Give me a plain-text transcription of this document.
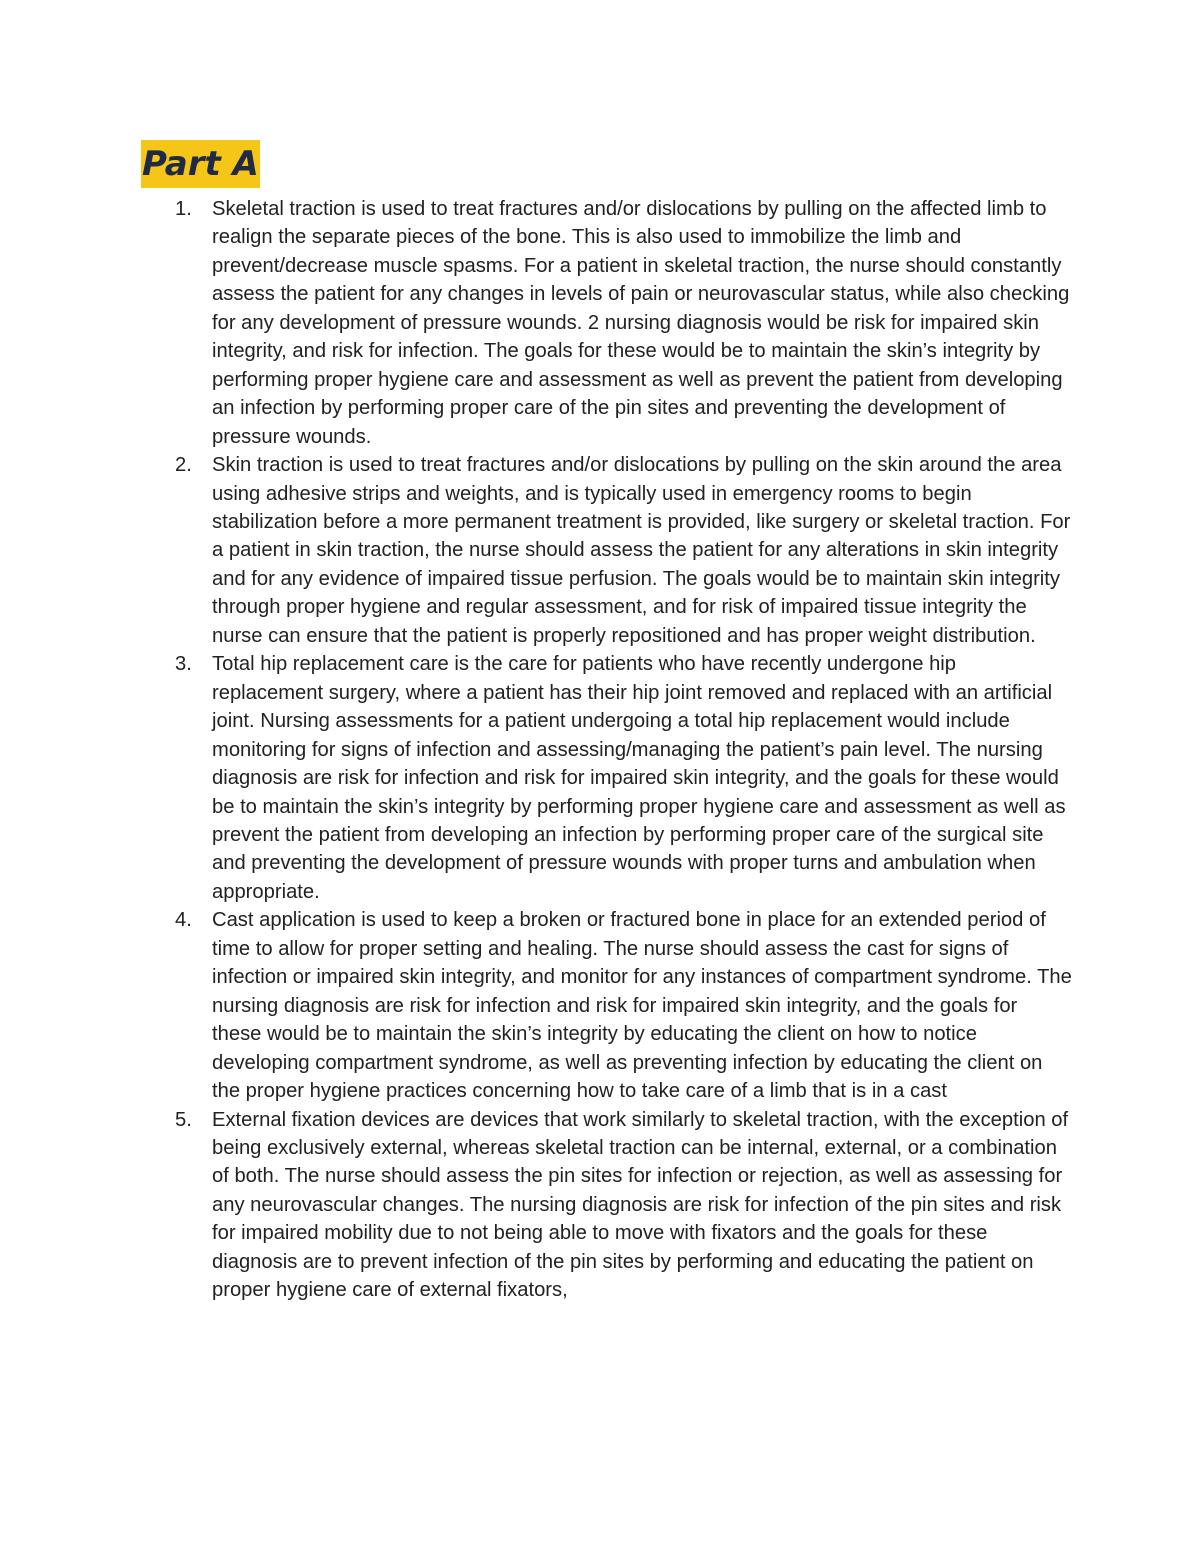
Part A
1. Skeletal traction is used to treat fractures and/or dislocations by pulling on the affected limb to realign the separate pieces of the bone. This is also used to immobilize the limb and prevent/decrease muscle spasms. For a patient in skeletal traction, the nurse should constantly assess the patient for any changes in levels of pain or neurovascular status, while also checking for any development of pressure wounds. 2 nursing diagnosis would be risk for impaired skin integrity, and risk for infection. The goals for these would be to maintain the skin’s integrity by performing proper hygiene care and assessment as well as prevent the patient from developing an infection by performing proper care of the pin sites and preventing the development of pressure wounds.
2. Skin traction is used to treat fractures and/or dislocations by pulling on the skin around the area using adhesive strips and weights, and is typically used in emergency rooms to begin stabilization before a more permanent treatment is provided, like surgery or skeletal traction. For a patient in skin traction, the nurse should assess the patient for any alterations in skin integrity and for any evidence of impaired tissue perfusion. The goals would be to maintain skin integrity through proper hygiene and regular assessment, and for risk of impaired tissue integrity the nurse can ensure that the patient is properly repositioned and has proper weight distribution.
3. Total hip replacement care is the care for patients who have recently undergone hip replacement surgery, where a patient has their hip joint removed and replaced with an artificial joint. Nursing assessments for a patient undergoing a total hip replacement would include monitoring for signs of infection and assessing/managing the patient’s pain level. The nursing diagnosis are risk for infection and risk for impaired skin integrity, and the goals for these would be to maintain the skin’s integrity by performing proper hygiene care and assessment as well as prevent the patient from developing an infection by performing proper care of the surgical site and preventing the development of pressure wounds with proper turns and ambulation when appropriate.
4. Cast application is used to keep a broken or fractured bone in place for an extended period of time to allow for proper setting and healing. The nurse should assess the cast for signs of infection or impaired skin integrity, and monitor for any instances of compartment syndrome. The nursing diagnosis are risk for infection and risk for impaired skin integrity, and the goals for these would be to maintain the skin’s integrity by educating the client on how to notice developing compartment syndrome, as well as preventing infection by educating the client on the proper hygiene practices concerning how to take care of a limb that is in a cast
5. External fixation devices are devices that work similarly to skeletal traction, with the exception of being exclusively external, whereas skeletal traction can be internal, external, or a combination of both. The nurse should assess the pin sites for infection or rejection, as well as assessing for any neurovascular changes. The nursing diagnosis are risk for infection of the pin sites and risk for impaired mobility due to not being able to move with fixators and the goals for these diagnosis are to prevent infection of the pin sites by performing and educating the patient on proper hygiene care of external fixators,
